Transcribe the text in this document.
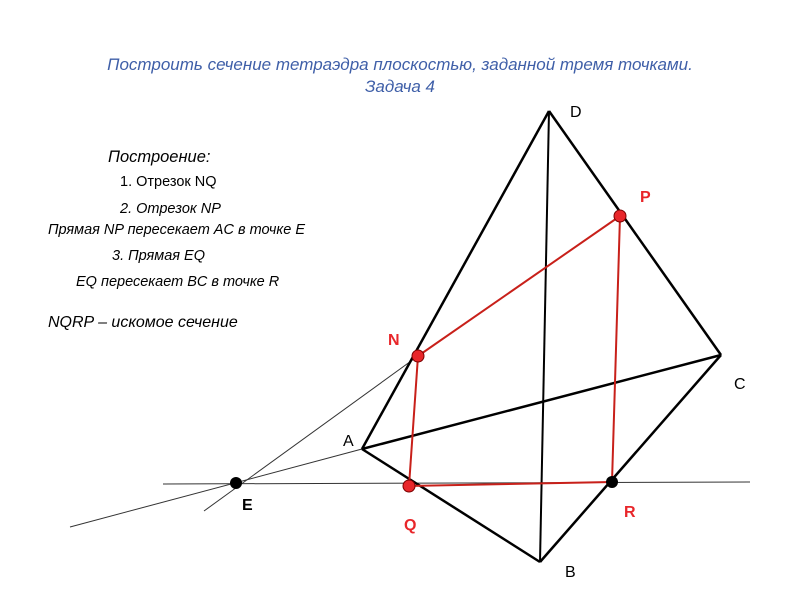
Построить сечение тетраэдра плоскостью, заданной тремя точками.
Задача 4
Построение:
1. Отрезок NQ
2. Отрезок NP
Прямая NP пересекает AC в точке E
3. Прямая EQ
EQ пересекает BC в точке R
NQRP – искомое сечение
D
C
A
B
P
N
Q
R
E
